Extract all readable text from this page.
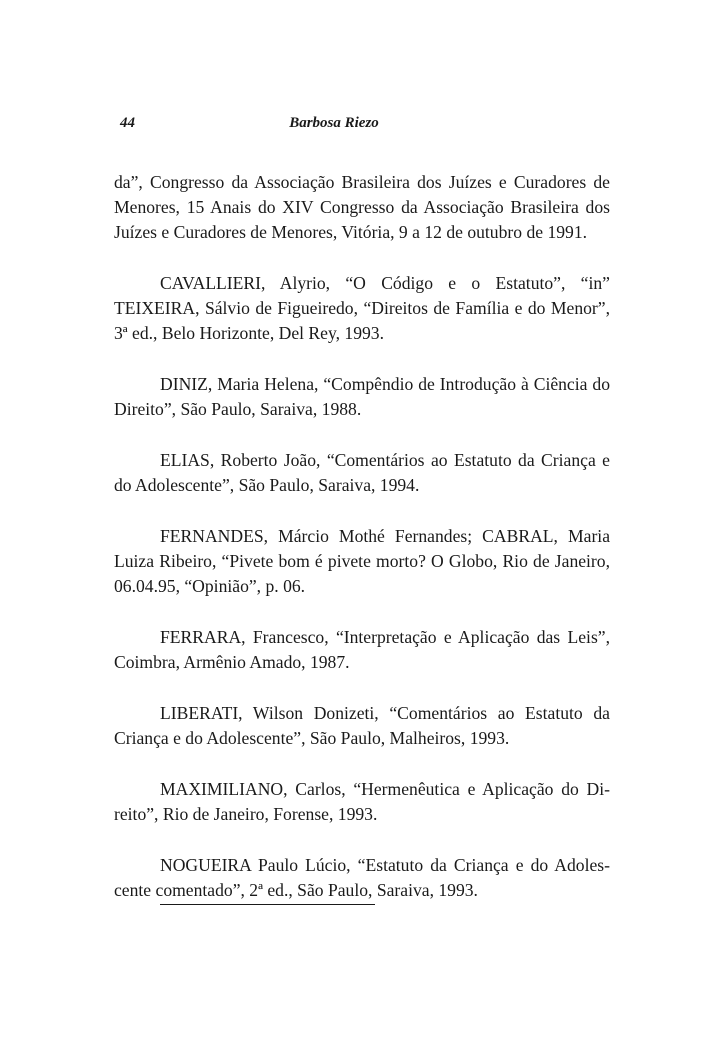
44	Barbosa Riezo

da”, Congresso da Associação Brasileira dos Juízes e Curadores de Menores, 15 Anais do XIV Congresso da Associação Brasileira dos Juízes e Curadores de Menores, Vitória, 9 a 12 de outubro de 1991.

CAVALLIERI, Alyrio, “O Código e o Estatuto”, “in” TEIXEIRA, Sálvio de Figueiredo, “Direitos de Família e do Menor”, 3ª ed., Belo Horizonte, Del Rey, 1993.

DINIZ, Maria Helena, “Compêndio de Introdução à Ciência do Direito”, São Paulo, Saraiva, 1988.

ELIAS, Roberto João, “Comentários ao Estatuto da Criança e do Adolescente”, São Paulo, Saraiva, 1994.

FERNANDES, Márcio Mothé Fernandes; CABRAL, Maria Luiza Ribeiro, “Pivete bom é pivete morto? O Globo, Rio de Janeiro, 06.04.95, “Opinião”, p. 06.

FERRARA, Francesco, “Interpretação e Aplicação das Leis”, Coimbra, Armênio Amado, 1987.

LIBERATI, Wilson Donizeti, “Comentários ao Estatuto da Criança e do Adolescente”, São Paulo, Malheiros, 1993.

MAXIMILIANO, Carlos, “Hermenêutica e Aplicação do Direito”, Rio de Janeiro, Forense, 1993.

NOGUEIRA Paulo Lúcio, “Estatuto da Criança e do Adolescente comentado”, 2ª ed., São Paulo, Saraiva, 1993.
